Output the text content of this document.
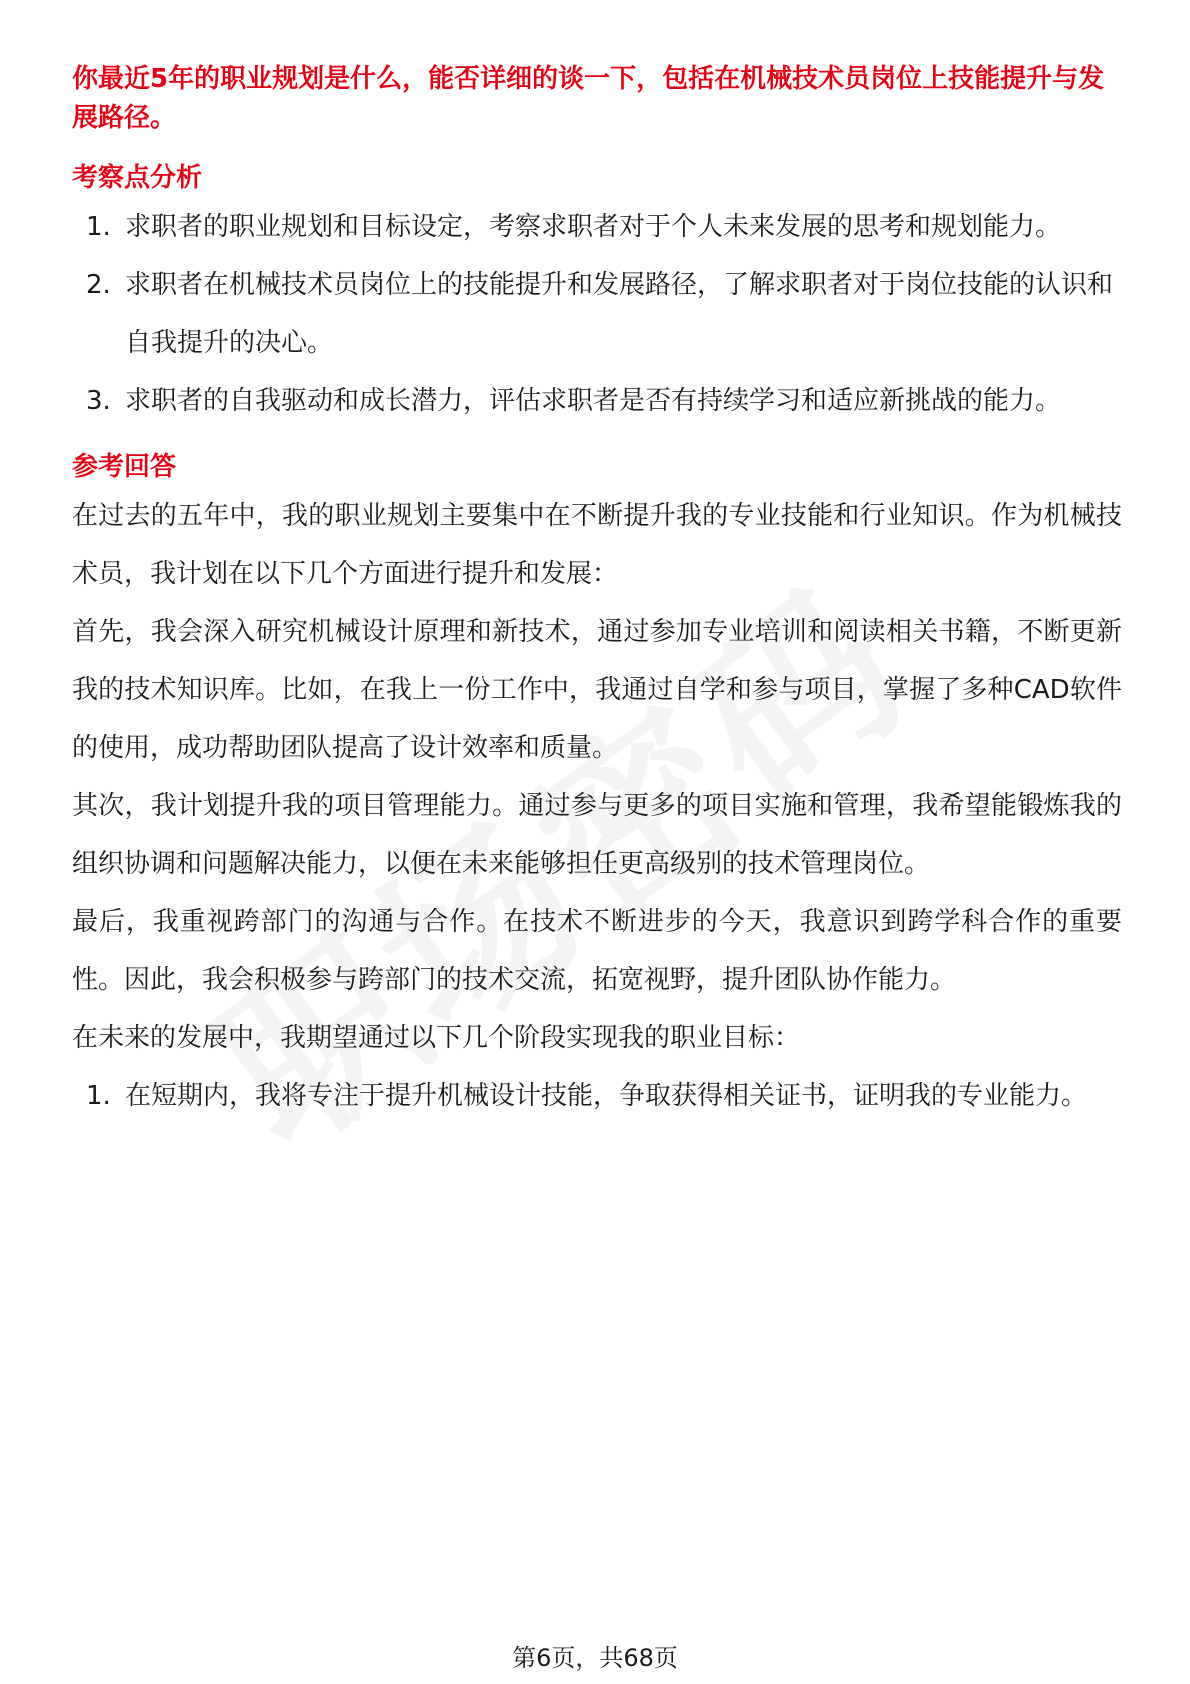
你最近5年的职业规划是什么，能否详细的谈一下，包括在机械技术员岗位上技能提升与发展路径。

考察点分析

1. 求职者的职业规划和目标设定，考察求职者对于个人未来发展的思考和规划能力。
2. 求职者在机械技术员岗位上的技能提升和发展路径，了解求职者对于岗位技能的认识和自我提升的决心。
3. 求职者的自我驱动和成长潜力，评估求职者是否有持续学习和适应新挑战的能力。

参考回答

在过去的五年中，我的职业规划主要集中在不断提升我的专业技能和行业知识。作为机械技术员，我计划在以下几个方面进行提升和发展：

首先，我会深入研究机械设计原理和新技术，通过参加专业培训和阅读相关书籍，不断更新我的技术知识库。比如，在我上一份工作中，我通过自学和参与项目，掌握了多种CAD软件的使用，成功帮助团队提高了设计效率和质量。

其次，我计划提升我的项目管理能力。通过参与更多的项目实施和管理，我希望能锻炼我的组织协调和问题解决能力，以便在未来能够担任更高级别的技术管理岗位。

最后，我重视跨部门的沟通与合作。在技术不断进步的今天，我意识到跨学科合作的重要性。因此，我会积极参与跨部门的技术交流，拓宽视野，提升团队协作能力。

在未来的发展中，我期望通过以下几个阶段实现我的职业目标：

1. 在短期内，我将专注于提升机械设计技能，争取获得相关证书，证明我的专业能力。
第6页，共68页
